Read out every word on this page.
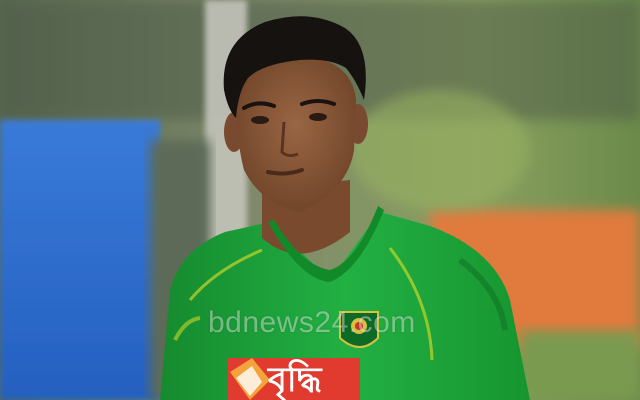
bdnews24.com
বৃদ্ধি
